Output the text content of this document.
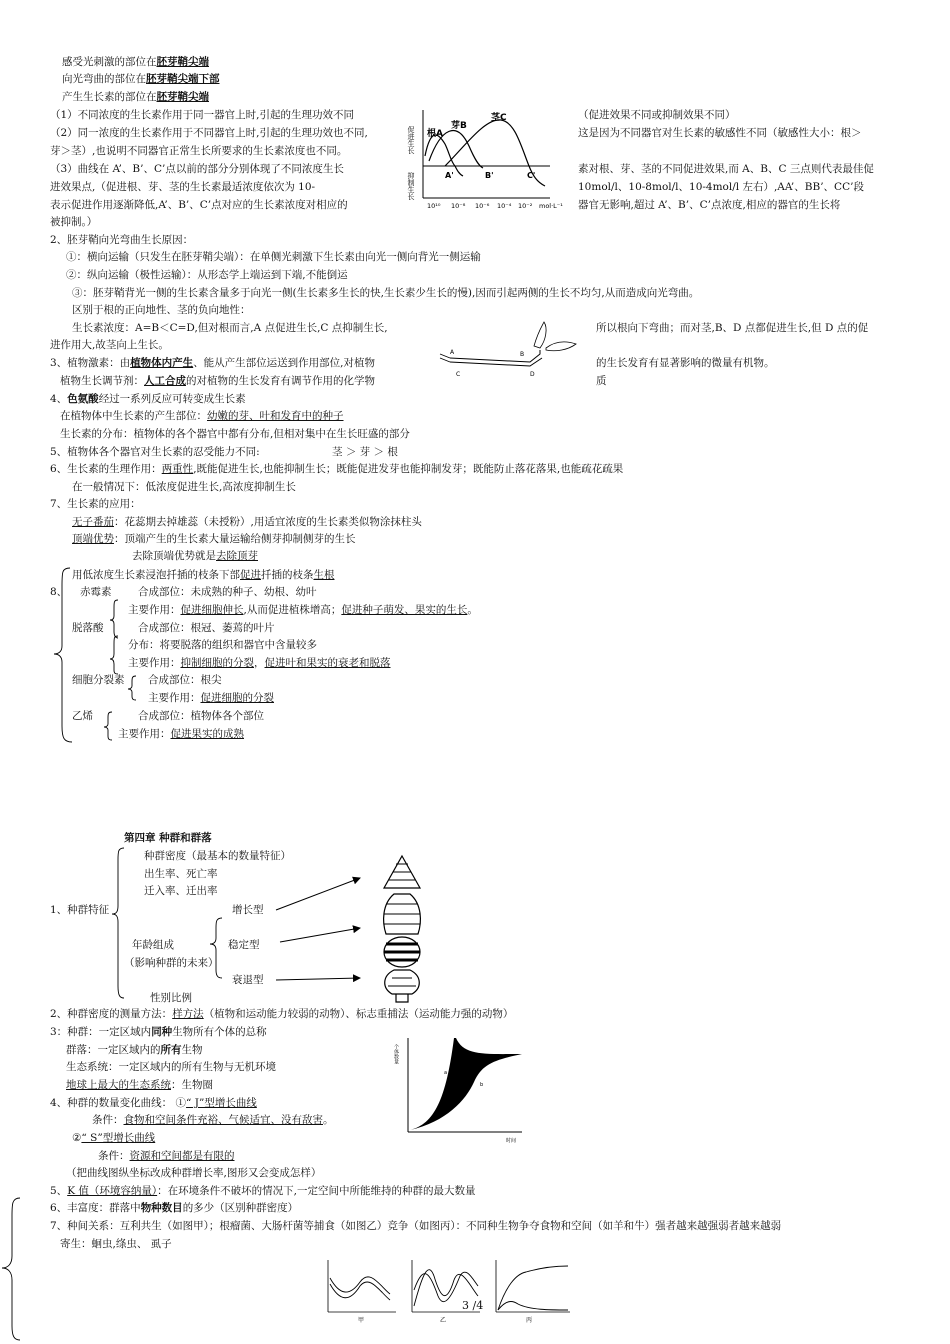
感受光刺激的部位在胚芽鞘尖端
向光弯曲的部位在胚芽鞘尖端下部
产生生长素的部位在胚芽鞘尖端
（1）不同浓度的生长素作用于同一器官上时,引起的生理功效不同	（促进效果不同或抑制效果不同）
（2）同一浓度的生长素作用于不同器官上时,引起的生理功效也不同,	这是因为不同器官对生长素的敏感性不同（敏感性大小：根＞
芽＞茎）,也说明不同器官正常生长所要求的生长素浓度也不同。
（3）曲线在 A’、B’、C’点以前的部分分别体现了不同浓度生长	素对根、芽、茎的不同促进效果,而 A、B、C 三点则代表最佳促
进效果点,（促进根、芽、茎的生长素最适浓度依次为 10-	10mol/l、10-8mol/l、10-4mol/l 左右）,AA’、BB’、CC’段
表示促进作用逐渐降低,A’、B’、C’点对应的生长素浓度对相应的	器官无影响,超过 A’、B’、C’点浓度,相应的器官的生长将
被抑制。）
根A
芽B
茎C
A'	B'	C'
促进生长
抑制生长
10¹⁰ 10⁻⁸ 10⁻⁶ 10⁻⁴ 10⁻² mol·L⁻¹
2、胚芽鞘向光弯曲生长原因：
①：横向运输（只发生在胚芽鞘尖端）：在单侧光刺激下生长素由向光一侧向背光一侧运输
②：纵向运输（极性运输）：从形态学上端运到下端,不能倒运
③：胚芽鞘背光一侧的生长素含量多于向光一侧(生长素多生长的快,生长素少生长的慢),因而引起两侧的生长不均匀,从而造成向光弯曲。
区别于根的正向地性、茎的负向地性：
生长素浓度：A=B＜C=D,但对根而言,A 点促进生长,C 点抑制生长,	所以根向下弯曲；而对茎,B、D 点都促进生长,但 D 点的促
进作用大,故茎向上生长。
A	B
C	D
3、植物激素：由植物体内产生、能从产生部位运送到作用部位,对植物	的生长发育有显著影响的微量有机物。
植物生长调节剂：人工合成的对植物的生长发育有调节作用的化学物	质
4、色氨酸经过一系列反应可转变成生长素
在植物体中生长素的产生部位：幼嫩的芽、叶和发育中的种子
生长素的分布：植物体的各个器官中都有分布,但相对集中在生长旺盛的部分
5、植物体各个器官对生长素的忍受能力不同:	茎 ＞ 芽 ＞ 根
6、生长素的生理作用：两重性,既能促进生长,也能抑制生长；既能促进发芽也能抑制发芽；既能防止落花落果,也能疏花疏果
在一般情况下：低浓度促进生长,高浓度抑制生长
7、生长素的应用：
无子番茄：花蕊期去掉雄蕊（未授粉）,用适宜浓度的生长素类似物涂抹柱头
顶端优势：顶端产生的生长素大量运输给侧芽抑制侧芽的生长
去除顶端优势就是去除顶芽
用低浓度生长素浸泡扦插的枝条下部促进扦插的枝条生根
8、 赤霉素	合成部位：未成熟的种子、幼根、幼叶
主要作用：促进细胞伸长,从而促进植株增高；促进种子萌发、果实的生长。
脱落酸	合成部位：根冠、萎蔫的叶片
分布：将要脱落的组织和器官中含量较多
主要作用：抑制细胞的分裂，促进叶和果实的衰老和脱落
细胞分裂素 合成部位：根尖
主要作用：促进细胞的分裂
乙烯	合成部位：植物体各个部位
主要作用：促进果实的成熟
第四章 种群和群落
种群密度（最基本的数量特征）
出生率、死亡率
迁入率、迁出率
1、种群特征	增长型
年龄组成	稳定型
（影响种群的未来）
衰退型
性别比例
2、种群密度的测量方法：样方法（植物和运动能力较弱的动物）、标志重捕法（运动能力强的动物）
3：种群：一定区域内同种生物所有个体的总称
群落：一定区域内的所有生物
生态系统：一定区域内的所有生物与无机环境
地球上最大的生态系统：生物圈
4、种群的数量变化曲线： ①“ J”型增长曲线
条件：食物和空间条件充裕、气候适宜、没有敌害。
②“ S”型增长曲线
条件：资源和空间都是有限的
（把曲线图纵坐标改成种群增长率,图形又会变成怎样）
个体数量
时间
a
b
5、K 值（环境容纳量）：在环境条件不破坏的情况下,一定空间中所能维持的种群的最大数量
6、丰富度：群落中物种数目的多少（区别种群密度）
7、种间关系：互利共生（如图甲）；根瘤菌、大肠杆菌等捕食（如图乙）竞争（如图丙）：不同种生物争夺食物和空间（如羊和牛）强者越来越强弱者越来越弱
寄生：蛔虫,绦虫、 虱子
甲	乙	丙
3 /4
